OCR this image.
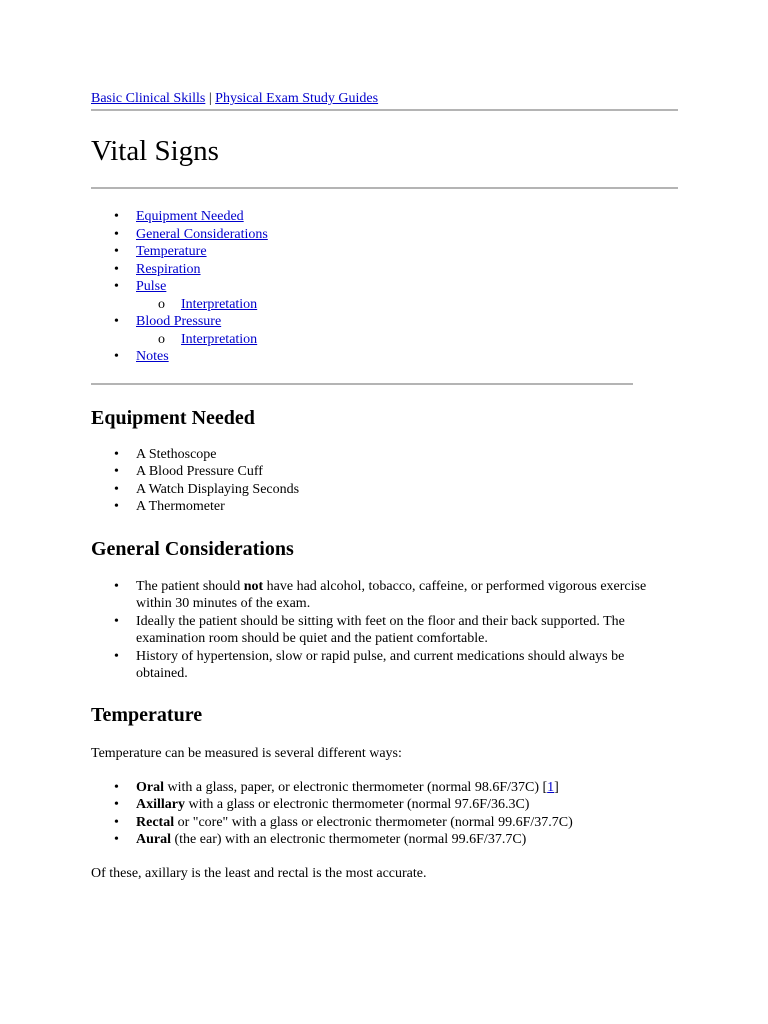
Basic Clinical Skills | Physical Exam Study Guides
Vital Signs
• Equipment Needed
• General Considerations
• Temperature
• Respiration
• Pulse
o Interpretation
• Blood Pressure
o Interpretation
• Notes
Equipment Needed
• A Stethoscope
• A Blood Pressure Cuff
• A Watch Displaying Seconds
• A Thermometer
General Considerations
• The patient should not have had alcohol, tobacco, caffeine, or performed vigorous exercise within 30 minutes of the exam.
• Ideally the patient should be sitting with feet on the floor and their back supported. The examination room should be quiet and the patient comfortable.
• History of hypertension, slow or rapid pulse, and current medications should always be obtained.
Temperature

Temperature can be measured is several different ways:

• Oral with a glass, paper, or electronic thermometer (normal 98.6F/37C) [1]
• Axillary with a glass or electronic thermometer (normal 97.6F/36.3C)
• Rectal or "core" with a glass or electronic thermometer (normal 99.6F/37.7C)
• Aural (the ear) with an electronic thermometer (normal 99.6F/37.7C)

Of these, axillary is the least and rectal is the most accurate.
